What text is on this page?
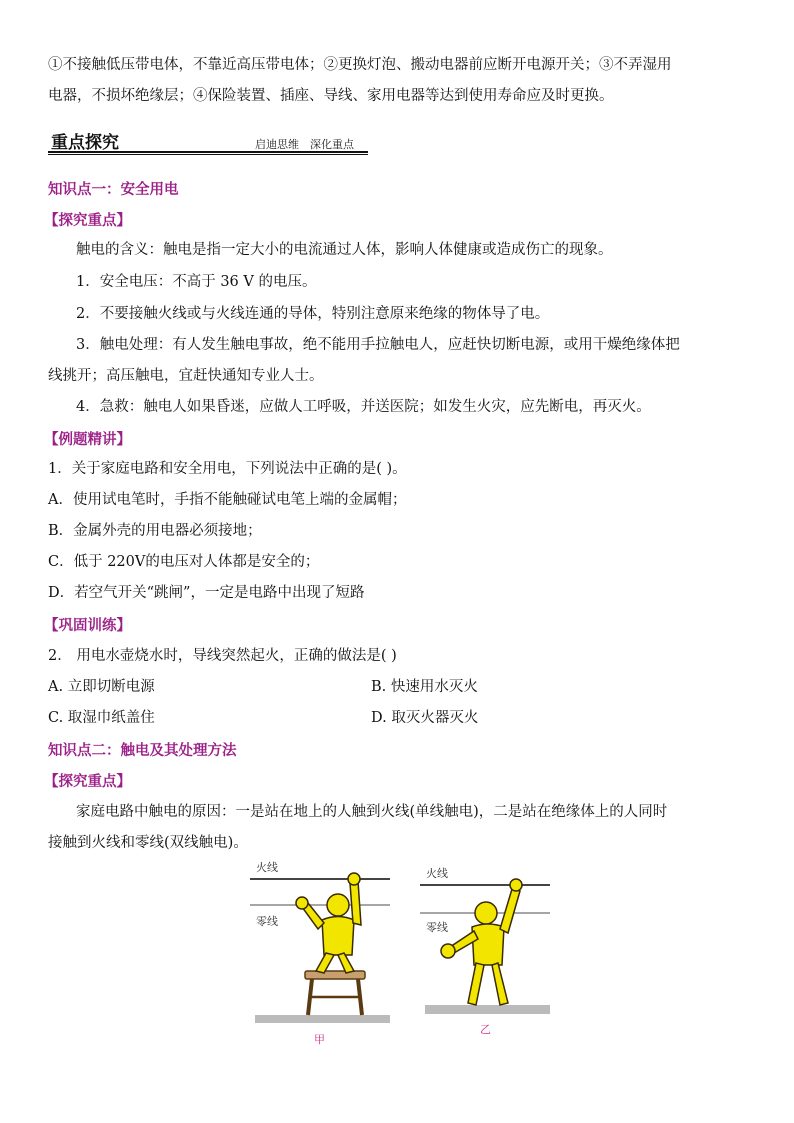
①不接触低压带电体，不靠近高压带电体；②更换灯泡、搬动电器前应断开电源开关；③不弄湿用
电器，不损坏绝缘层；④保险装置、插座、导线、家用电器等达到使用寿命应及时更换。
重点探究	启迪思维　深化重点
知识点一：安全用电
【探究重点】
触电的含义：触电是指一定大小的电流通过人体，影响人体健康或造成伤亡的现象。
1．安全电压：不高于 36 V 的电压。
2．不要接触火线或与火线连通的导体，特别注意原来绝缘的物体导了电。
3．触电处理：有人发生触电事故，绝不能用手拉触电人，应赶快切断电源，或用干燥绝缘体把
线挑开；高压触电，宜赶快通知专业人士。
4．急救：触电人如果昏迷，应做人工呼吸，并送医院；如发生火灾，应先断电，再灭火。
【例题精讲】
1．关于家庭电路和安全用电，下列说法中正确的是( )。
A．使用试电笔时，手指不能触碰试电笔上端的金属帽；
B．金属外壳的用电器必须接地；
C．低于 220V的电压对人体都是安全的；
D．若空气开关“跳闸”，一定是电路中出现了短路
【巩固训练】
2． 用电水壶烧水时，导线突然起火，正确的做法是( )
A. 立即切断电源	B. 快速用水灭火
C. 取湿巾纸盖住	D. 取灭火器灭火
知识点二：触电及其处理方法
【探究重点】
家庭电路中触电的原因：一是站在地上的人触到火线(单线触电)，二是站在绝缘体上的人同时
接触到火线和零线(双线触电)。
火线
零线
甲
火线
零线
乙
